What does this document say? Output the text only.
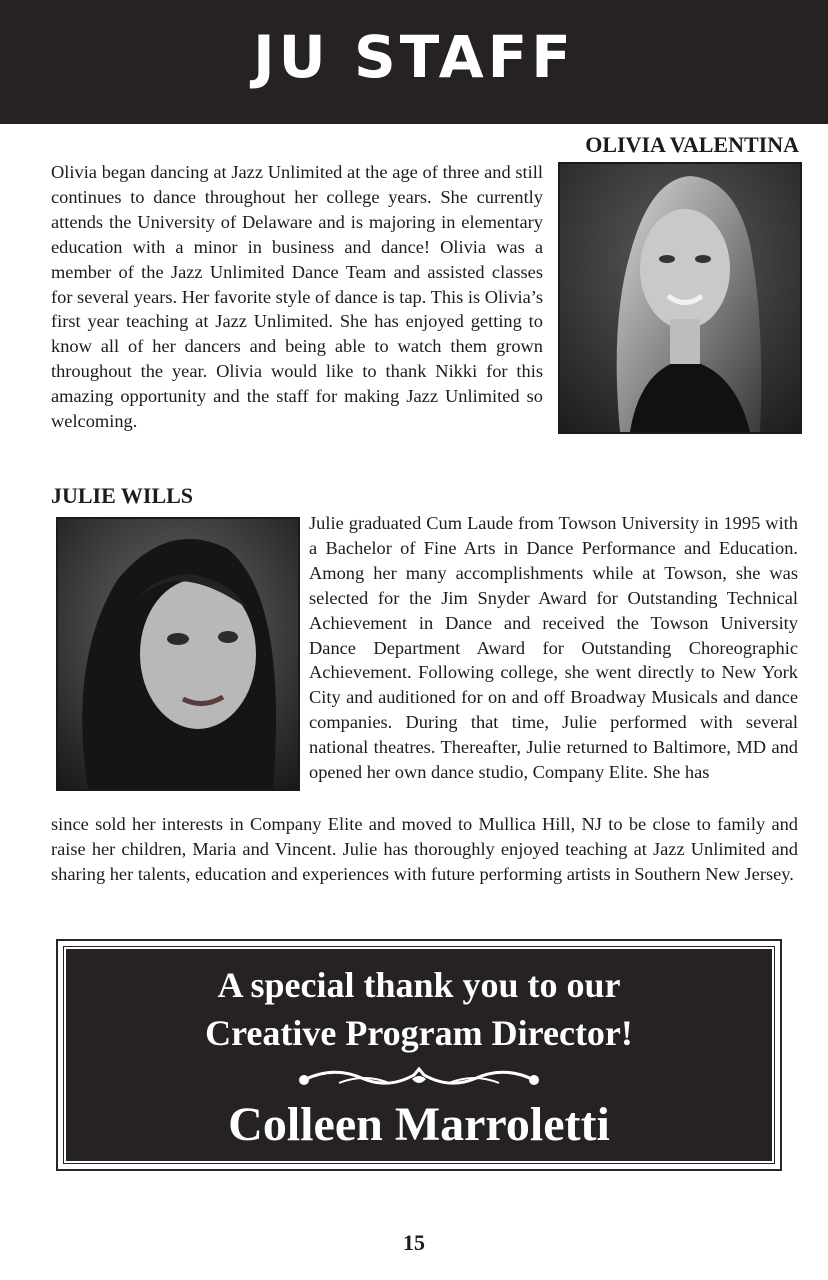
JU STAFF

OLIVIA VALENTINA

Olivia began dancing at Jazz Unlimited at the age of three and still continues to dance throughout her college years. She currently attends the University of Delaware and is majoring in elementary education with a minor in business and dance! Olivia was a member of the Jazz Unlimited Dance Team and assisted classes for several years. Her favorite style of dance is tap. This is Olivia’s first year teaching at Jazz Unlimited. She has enjoyed getting to know all of her dancers and being able to watch them grown throughout the year. Olivia would like to thank Nikki for this amazing opportunity and the staff for making Jazz Unlimited so welcoming.

JULIE WILLS

Julie graduated Cum Laude from Towson University in 1995 with a Bachelor of Fine Arts in Dance Performance and Education. Among her many accomplishments while at Towson, she was selected for the Jim Snyder Award for Outstanding Technical Achievement in Dance and received the Towson University Dance Department Award for Outstanding Choreographic Achievement. Following college, she went directly to New York City and auditioned for on and off Broadway Musicals and dance companies. During that time, Julie performed with several national theatres. Thereafter, Julie returned to Baltimore, MD and opened her own dance studio, Company Elite. She has

since sold her interests in Company Elite and moved to Mullica Hill, NJ to be close to family and raise her children, Maria and Vincent. Julie has thoroughly enjoyed teaching at Jazz Unlimited and sharing her talents, education and experiences with future performing artists in Southern New Jersey.

A special thank you to our

Creative Program Director!

Colleen Marroletti

15
